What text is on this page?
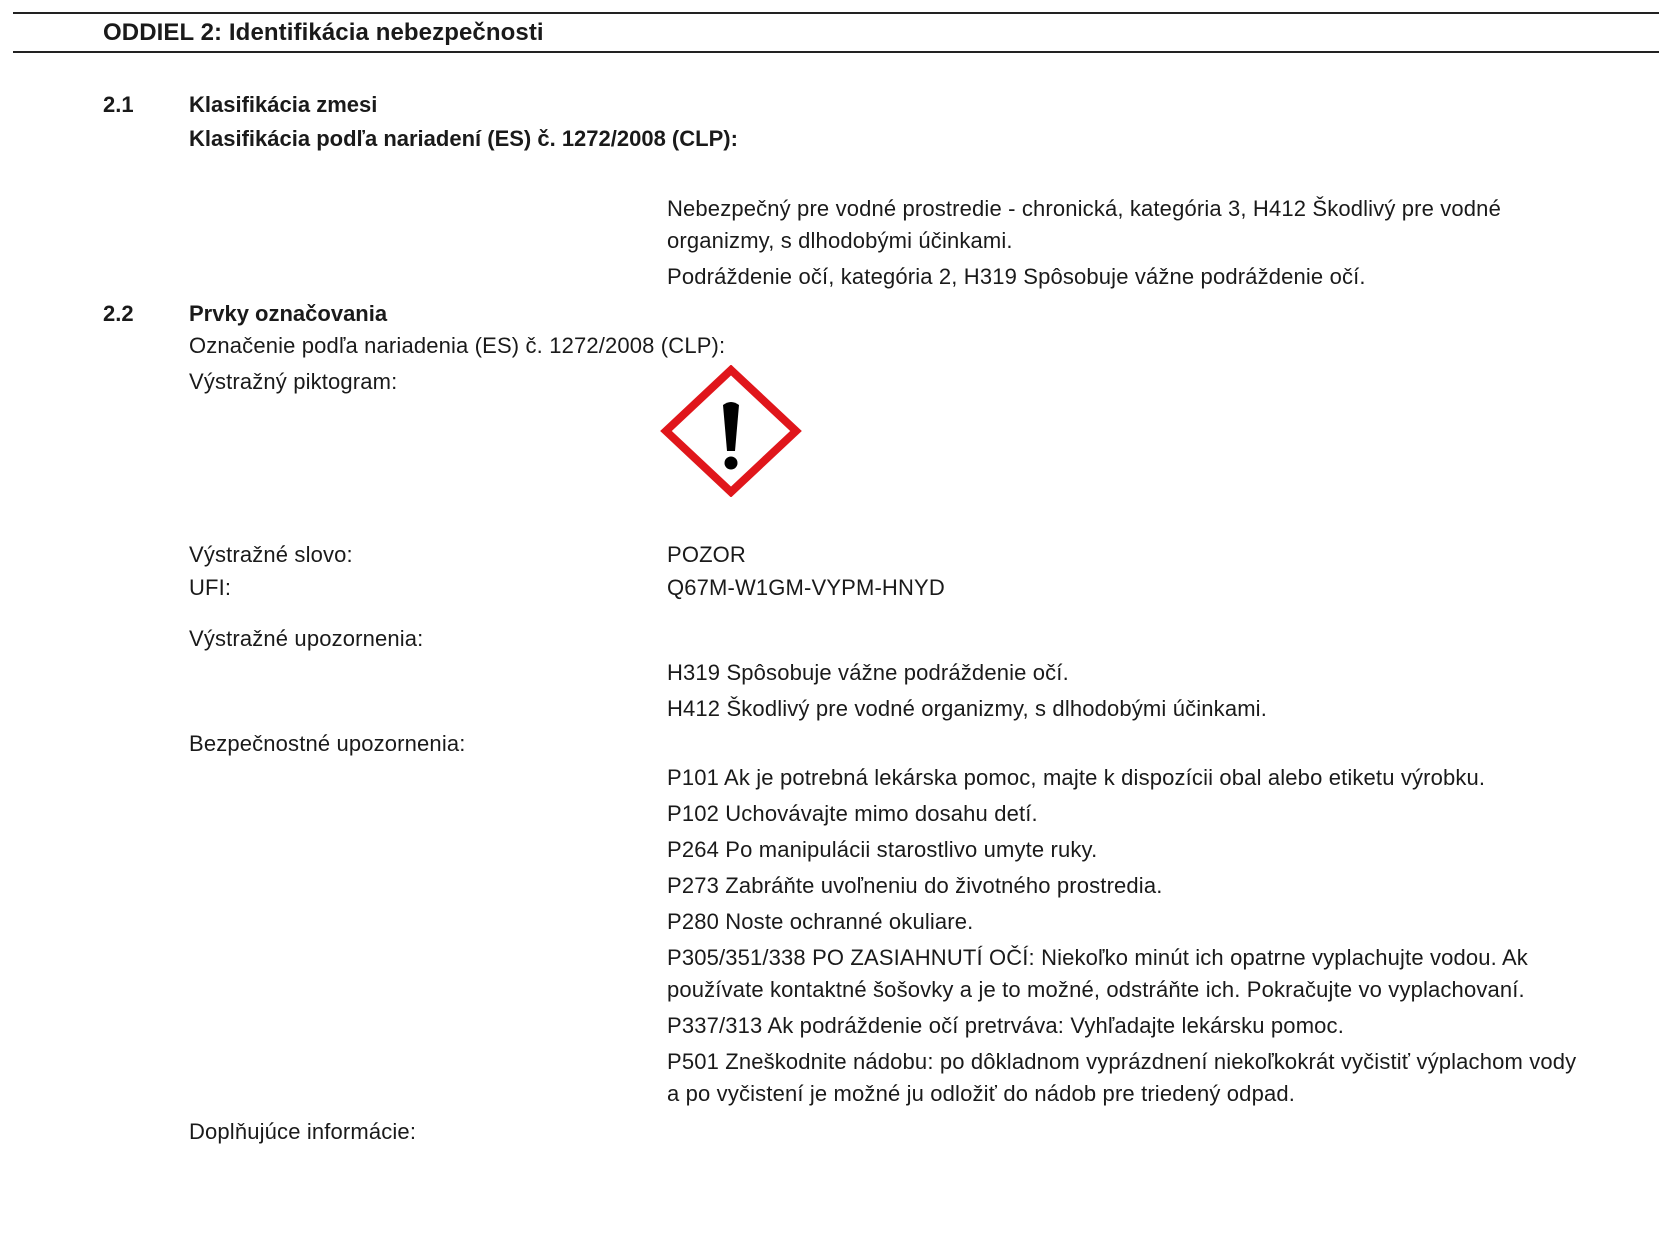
ODDIEL 2: Identifikácia nebezpečnosti
2.1	Klasifikácia zmesi
Klasifikácia podľa nariadení (ES) č. 1272/2008 (CLP):
Nebezpečný pre vodné prostredie - chronická, kategória 3, H412 Škodlivý pre vodné
organizmy, s dlhodobými účinkami.
Podráždenie očí, kategória 2, H319 Spôsobuje vážne podráždenie očí.
2.2	Prvky označovania
Označenie podľa nariadenia (ES) č. 1272/2008 (CLP):
Výstražný piktogram:
Výstražné slovo:	POZOR
UFI:	Q67M-W1GM-VYPM-HNYD
Výstražné upozornenia:
H319 Spôsobuje vážne podráždenie očí.
H412 Škodlivý pre vodné organizmy, s dlhodobými účinkami.
Bezpečnostné upozornenia:
P101 Ak je potrebná lekárska pomoc, majte k dispozícii obal alebo etiketu výrobku.
P102 Uchovávajte mimo dosahu detí.
P264 Po manipulácii starostlivo umyte ruky.
P273 Zabráňte uvoľneniu do životného prostredia.
P280 Noste ochranné okuliare.
P305/351/338 PO ZASIAHNUTÍ OČÍ: Niekoľko minút ich opatrne vyplachujte vodou. Ak
používate kontaktné šošovky a je to možné, odstráňte ich. Pokračujte vo vyplachovaní.
P337/313 Ak podráždenie očí pretrváva: Vyhľadajte lekársku pomoc.
P501 Zneškodnite nádobu: po dôkladnom vyprázdnení niekoľkokrát vyčistiť výplachom vody
a po vyčistení je možné ju odložiť do nádob pre triedený odpad.
Doplňujúce informácie:
